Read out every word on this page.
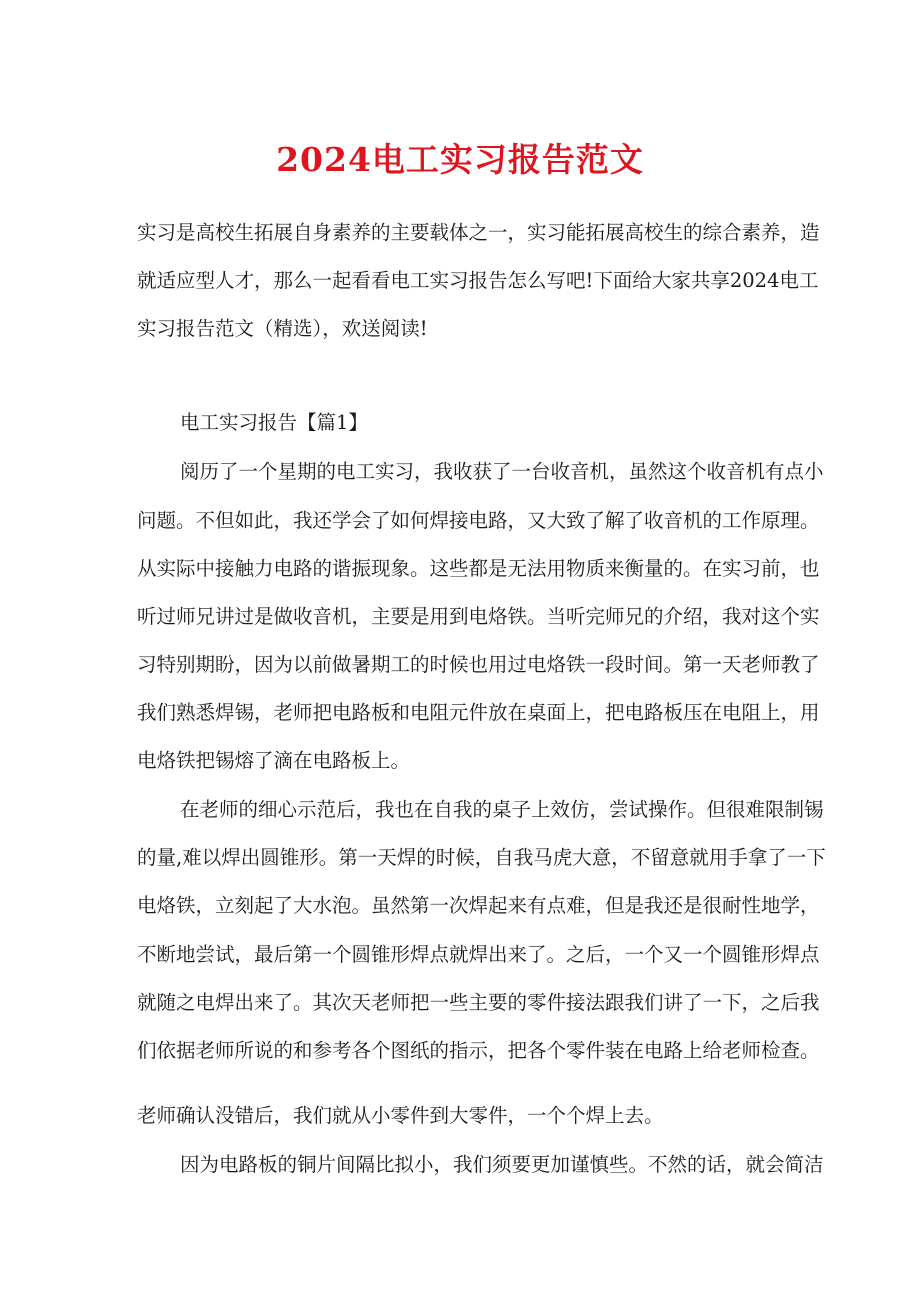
2024电工实习报告范文
实习是高校生拓展自身素养的主要载体之一，实习能拓展高校生的综合素养，造
就适应型人才，那么一起看看电工实习报告怎么写吧!下面给大家共享2024电工
实习报告范文（精选），欢送阅读!
电工实习报告【篇1】
阅历了一个星期的电工实习，我收获了一台收音机，虽然这个收音机有点小
问题。不但如此，我还学会了如何焊接电路，又大致了解了收音机的工作原理。
从实际中接触力电路的谐振现象。这些都是无法用物质来衡量的。在实习前，也
听过师兄讲过是做收音机，主要是用到电烙铁。当听完师兄的介绍，我对这个实
习特别期盼，因为以前做暑期工的时候也用过电烙铁一段时间。第一天老师教了
我们熟悉焊锡，老师把电路板和电阻元件放在桌面上，把电路板压在电阻上，用
电烙铁把锡熔了滴在电路板上。
在老师的细心示范后，我也在自我的桌子上效仿，尝试操作。但很难限制锡
的量,难以焊出圆锥形。第一天焊的时候，自我马虎大意，不留意就用手拿了一下
电烙铁，立刻起了大水泡。虽然第一次焊起来有点难，但是我还是很耐性地学，
不断地尝试，最后第一个圆锥形焊点就焊出来了。之后，一个又一个圆锥形焊点
就随之电焊出来了。其次天老师把一些主要的零件接法跟我们讲了一下，之后我
们依据老师所说的和参考各个图纸的指示，把各个零件装在电路上给老师检查。
老师确认没错后，我们就从小零件到大零件，一个个焊上去。
因为电路板的铜片间隔比拟小，我们须要更加谨慎些。不然的话，就会简洁
